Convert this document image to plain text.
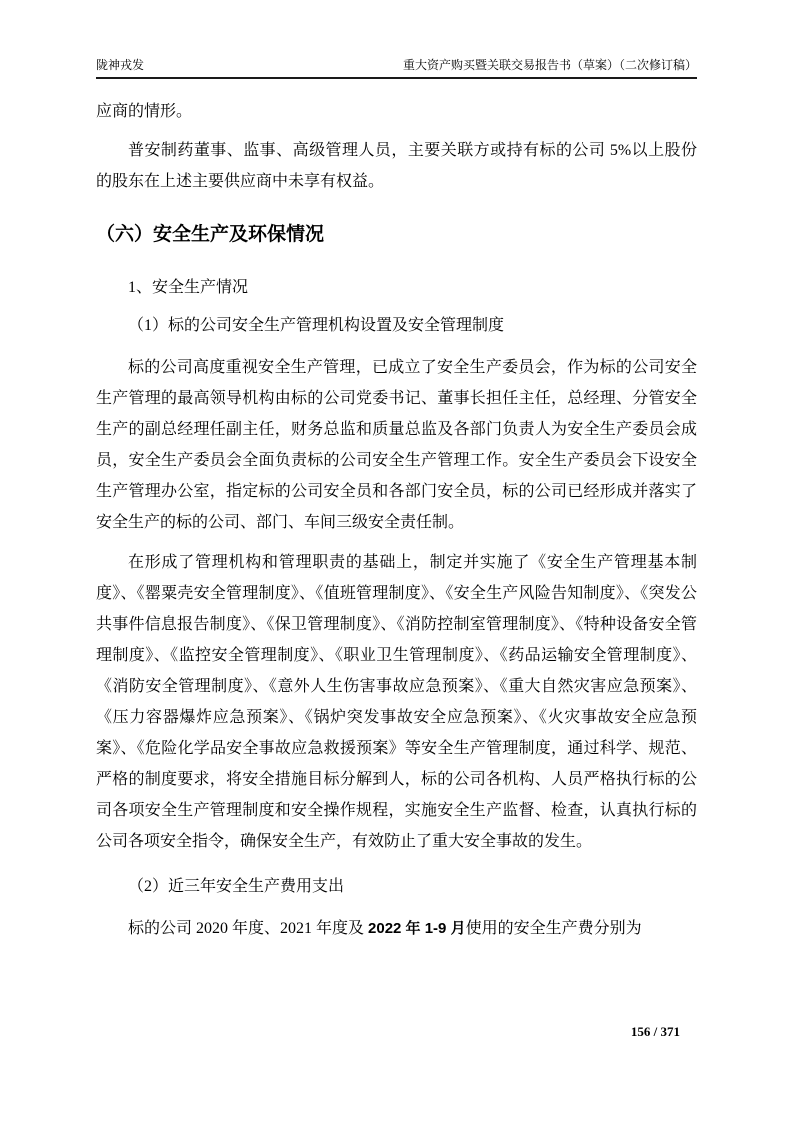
陇神戎发	重大资产购买暨关联交易报告书（草案）（二次修订稿）

应商的情形。

普安制药董事、监事、高级管理人员，主要关联方或持有标的公司 5%以上股份的股东在上述主要供应商中未享有权益。

（六）安全生产及环保情况

1、安全生产情况

（1）标的公司安全生产管理机构设置及安全管理制度

标的公司高度重视安全生产管理，已成立了安全生产委员会，作为标的公司安全生产管理的最高领导机构由标的公司党委书记、董事长担任主任，总经理、分管安全生产的副总经理任副主任，财务总监和质量总监及各部门负责人为安全生产委员会成员，安全生产委员会全面负责标的公司安全生产管理工作。安全生产委员会下设安全生产管理办公室，指定标的公司安全员和各部门安全员，标的公司已经形成并落实了安全生产的标的公司、部门、车间三级安全责任制。

在形成了管理机构和管理职责的基础上，制定并实施了《安全生产管理基本制度》、《罂粟壳安全管理制度》、《值班管理制度》、《安全生产风险告知制度》、《突发公共事件信息报告制度》、《保卫管理制度》、《消防控制室管理制度》、《特种设备安全管理制度》、《监控安全管理制度》、《职业卫生管理制度》、《药品运输安全管理制度》、《消防安全管理制度》、《意外人生伤害事故应急预案》、《重大自然灾害应急预案》、《压力容器爆炸应急预案》、《锅炉突发事故安全应急预案》、《火灾事故安全应急预案》、《危险化学品安全事故应急救援预案》等安全生产管理制度，通过科学、规范、严格的制度要求，将安全措施目标分解到人，标的公司各机构、人员严格执行标的公司各项安全生产管理制度和安全操作规程，实施安全生产监督、检查，认真执行标的公司各项安全指令，确保安全生产，有效防止了重大安全事故的发生。

（2）近三年安全生产费用支出

标的公司 2020 年度、2021 年度及 2022 年 1-9 月使用的安全生产费分别为

156 / 371
